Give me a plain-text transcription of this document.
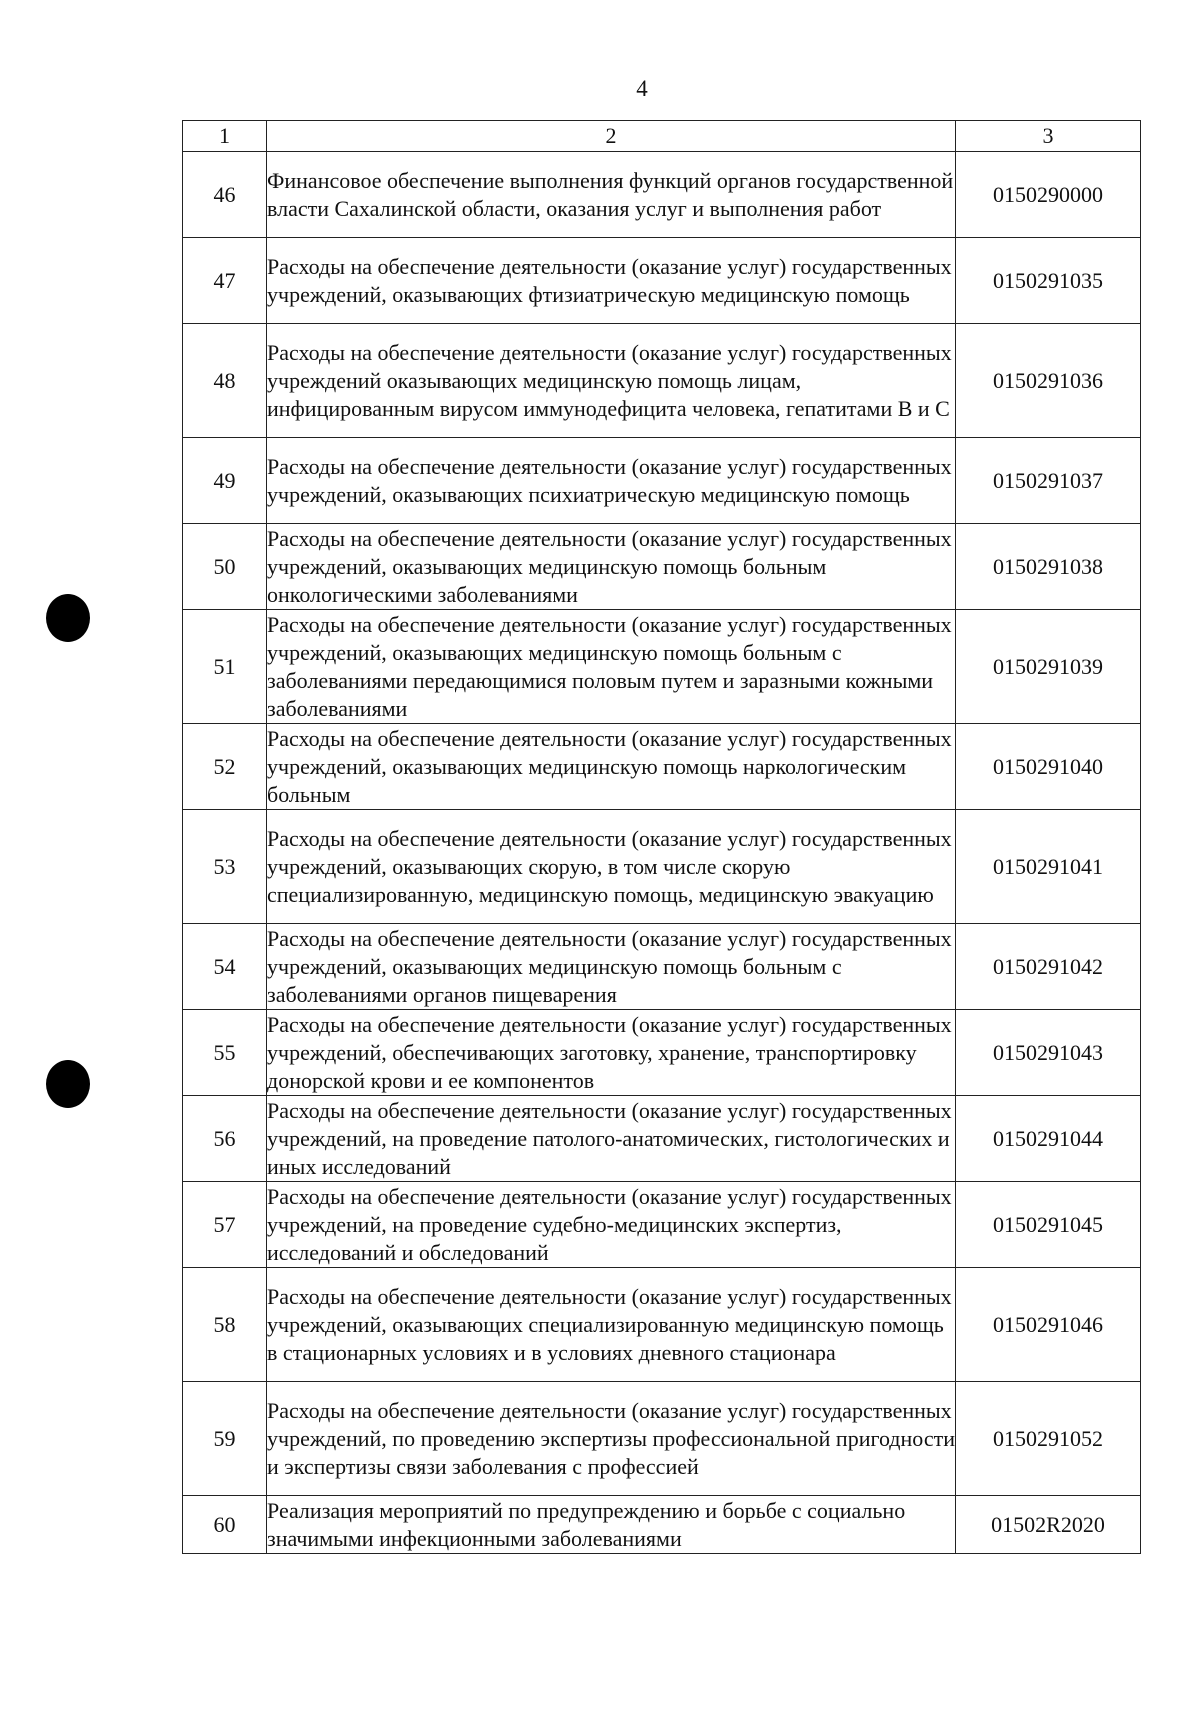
4
1	2	3
46	Финансовое обеспечение выполнения функций органов государственной власти Сахалинской области, оказания услуг и выполнения работ	0150290000
47	Расходы на обеспечение деятельности (оказание услуг) государственных учреждений, оказывающих фтизиатрическую медицинскую помощь	0150291035
48	Расходы на обеспечение деятельности (оказание услуг) государственных учреждений оказывающих медицинскую помощь лицам, инфицированным вирусом иммунодефицита человека, гепатитами В и С	0150291036
49	Расходы на обеспечение деятельности (оказание услуг) государственных учреждений, оказывающих психиатрическую медицинскую помощь	0150291037
50	Расходы на обеспечение деятельности (оказание услуг) государственных учреждений, оказывающих медицинскую помощь больным онкологическими заболеваниями	0150291038
51	Расходы на обеспечение деятельности (оказание услуг) государственных учреждений, оказывающих медицинскую помощь больным с заболеваниями передающимися половым путем и заразными кожными заболеваниями	0150291039
52	Расходы на обеспечение деятельности (оказание услуг) государственных учреждений, оказывающих медицинскую помощь наркологическим больным	0150291040
53	Расходы на обеспечение деятельности (оказание услуг) государственных учреждений, оказывающих скорую, в том числе скорую специализированную, медицинскую помощь, медицинскую эвакуацию	0150291041
54	Расходы на обеспечение деятельности (оказание услуг) государственных учреждений, оказывающих медицинскую помощь больным с заболеваниями органов пищеварения	0150291042
55	Расходы на обеспечение деятельности (оказание услуг) государственных учреждений, обеспечивающих заготовку, хранение, транспортировку донорской крови и ее компонентов	0150291043
56	Расходы на обеспечение деятельности (оказание услуг) государственных учреждений, на проведение патолого-анатомических, гистологических и иных исследований	0150291044
57	Расходы на обеспечение деятельности (оказание услуг) государственных учреждений, на проведение судебно-медицинских экспертиз, исследований и обследований	0150291045
58	Расходы на обеспечение деятельности (оказание услуг) государственных учреждений, оказывающих специализированную медицинскую помощь в стационарных условиях и в условиях дневного стационара	0150291046
59	Расходы на обеспечение деятельности (оказание услуг) государственных учреждений, по проведению экспертизы профессиональной пригодности и экспертизы связи заболевания с профессией	0150291052
60	Реализация мероприятий по предупреждению и борьбе с социально значимыми инфекционными заболеваниями	01502R2020
